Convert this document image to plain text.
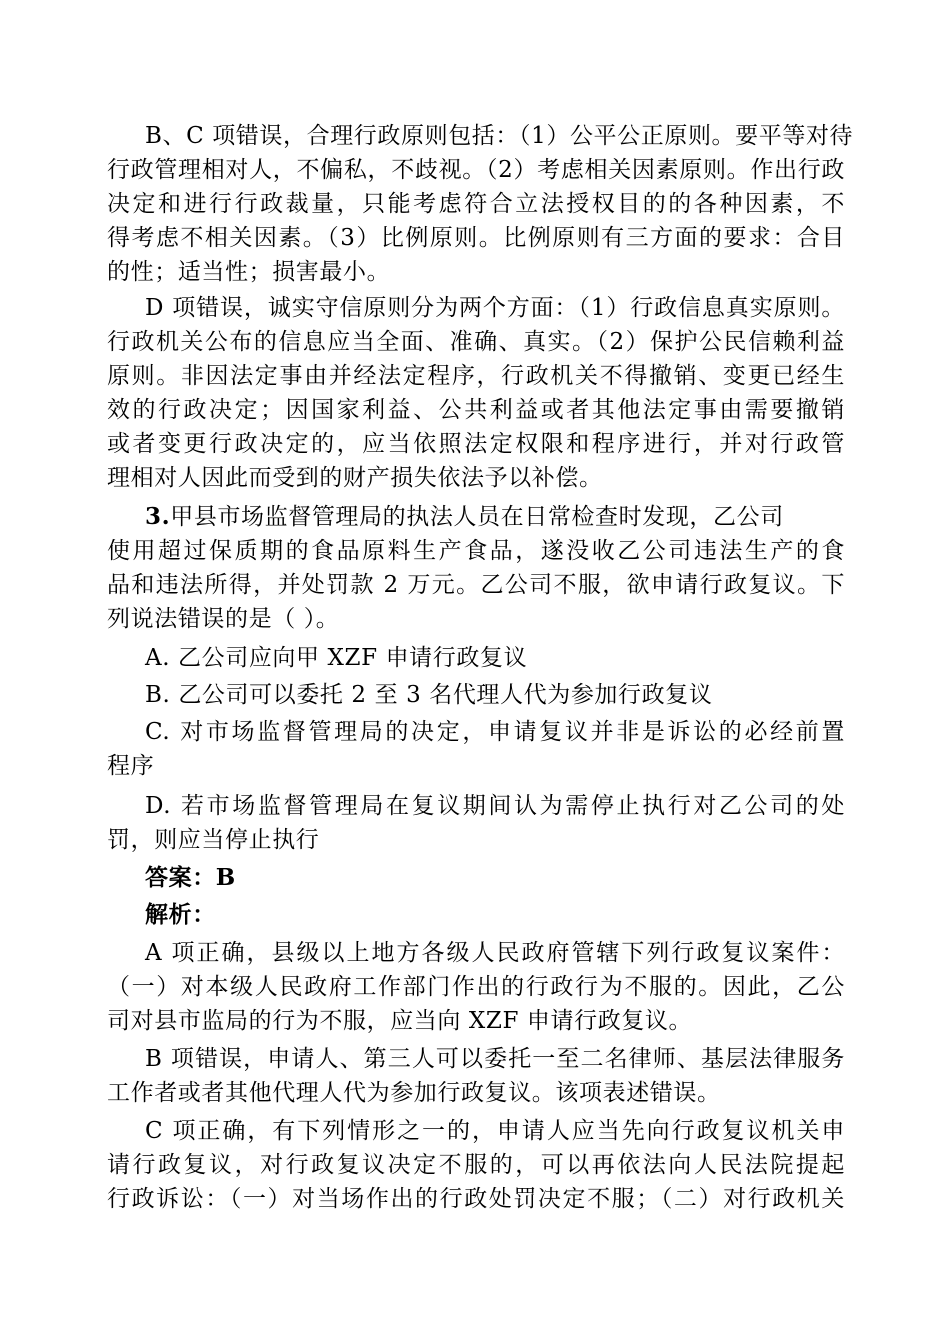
B、C 项错误，合理行政原则包括：（1）公平公正原则。要平等对待
行政管理相对人，不偏私，不歧视。（2）考虑相关因素原则。作出行政
决定和进行行政裁量，只能考虑符合立法授权目的的各种因素，不
得考虑不相关因素。（3）比例原则。比例原则有三方面的要求：合目
的性；适当性；损害最小。
D 项错误，诚实守信原则分为两个方面：（1）行政信息真实原则。
行政机关公布的信息应当全面、准确、真实。（2）保护公民信赖利益
原则。非因法定事由并经法定程序，行政机关不得撤销、变更已经生
效的行政决定；因国家利益、公共利益或者其他法定事由需要撤销
或者变更行政决定的，应当依照法定权限和程序进行，并对行政管
理相对人因此而受到的财产损失依法予以补偿。
3.甲县市场监督管理局的执法人员在日常检查时发现，乙公司
使用超过保质期的食品原料生产食品，遂没收乙公司违法生产的食
品和违法所得，并处罚款 2 万元。乙公司不服，欲申请行政复议。下
列说法错误的是（ ）。
A. 乙公司应向甲 XZF 申请行政复议
B. 乙公司可以委托 2 至 3 名代理人代为参加行政复议
C. 对市场监督管理局的决定，申请复议并非是诉讼的必经前置
程序
D. 若市场监督管理局在复议期间认为需停止执行对乙公司的处
罚，则应当停止执行
答案：B
解析：
A 项正确，县级以上地方各级人民政府管辖下列行政复议案件：
（一）对本级人民政府工作部门作出的行政行为不服的。因此，乙公
司对县市监局的行为不服，应当向 XZF 申请行政复议。
B 项错误，申请人、第三人可以委托一至二名律师、基层法律服务
工作者或者其他代理人代为参加行政复议。该项表述错误。
C 项正确，有下列情形之一的，申请人应当先向行政复议机关申
请行政复议，对行政复议决定不服的，可以再依法向人民法院提起
行政诉讼：（一）对当场作出的行政处罚决定不服；（二）对行政机关
